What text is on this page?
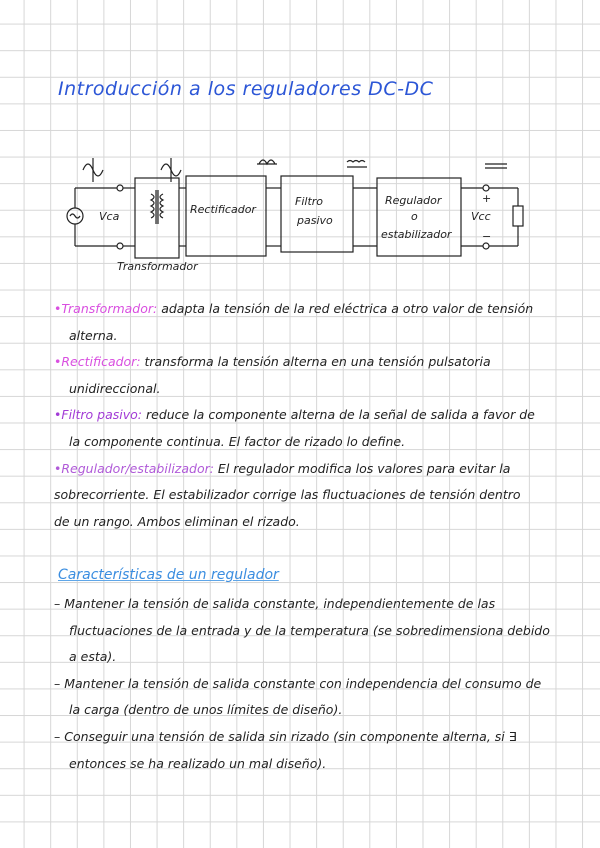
Introducción a los reguladores DC-DC
Vca
Transformador
Rectificador
Filtro
pasivo
Regulador
o
estabilizador
Vcc
+
−

•Transformador: adapta la tensión de la red eléctrica a otro valor de tensión

alterna.

•Rectificador: transforma la tensión alterna en una tensión pulsatoria

unidireccional.

•Filtro pasivo: reduce la componente alterna de la señal de salida a favor de

la componente continua. El factor de rizado lo define.

•Regulador/estabilizador: El regulador modifica los valores para evitar la

sobrecorriente. El estabilizador corrige las fluctuaciones de tensión dentro

de un rango. Ambos eliminan el rizado.

Características de un regulador

– Mantener la tensión de salida constante, independientemente de las

fluctuaciones de la entrada y de la temperatura (se sobredimensiona debido

a esta).

– Mantener la tensión de salida constante con independencia del consumo de

la carga (dentro de unos límites de diseño).

– Conseguir una tensión de salida sin rizado (sin componente alterna, si ∃

entonces se ha realizado un mal diseño).
